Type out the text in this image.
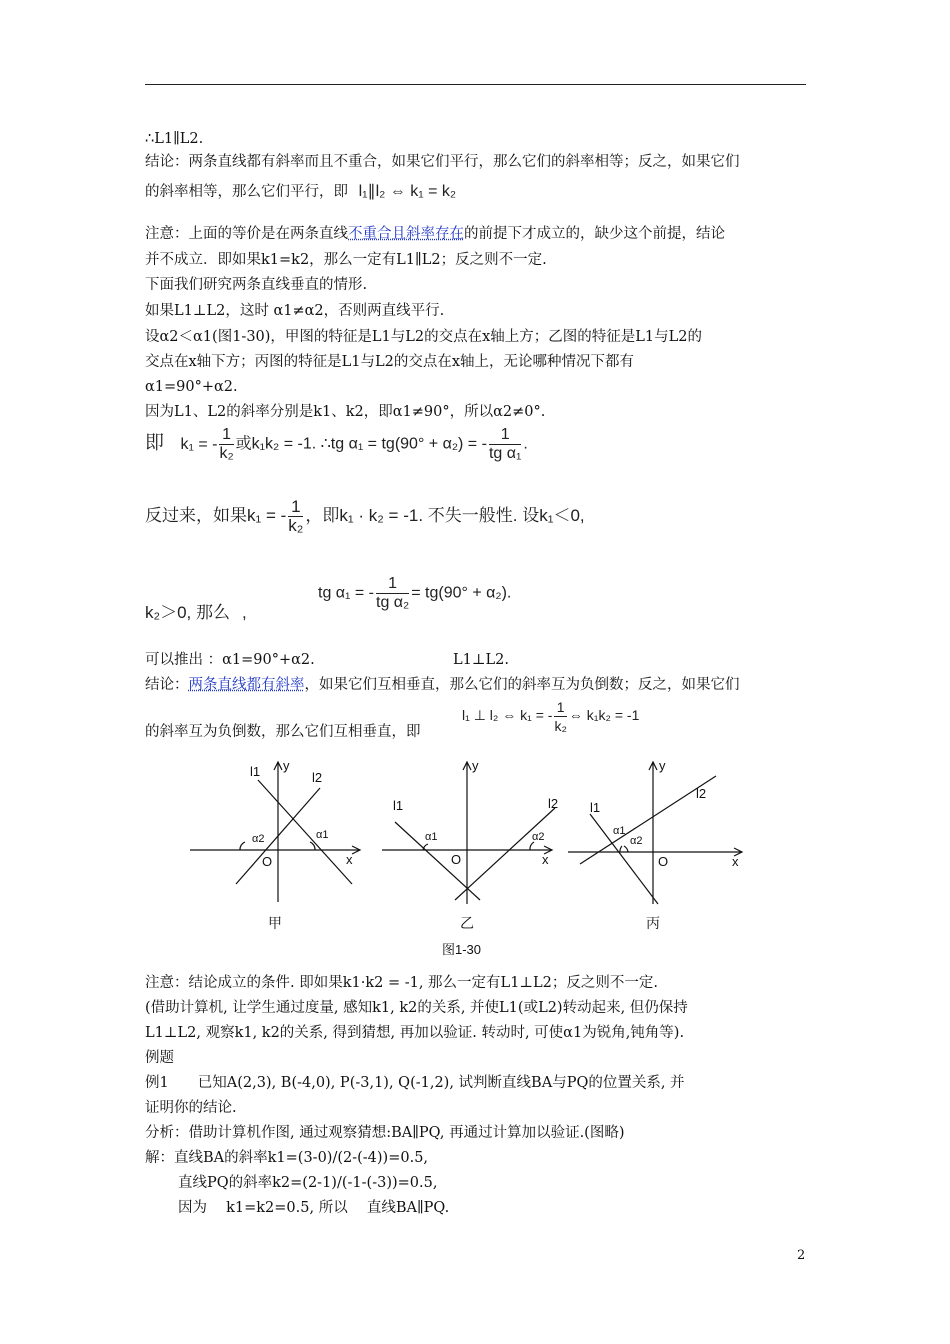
∴L1∥L2.
结论：两条直线都有斜率而且不重合，如果它们平行，那么它们的斜率相等；反之，如果它们
的斜率相等，那么它们平行，即 l₁∥l₂ ⇔ k₁ = k₂
注意：上面的等价是在两条直线不重合且斜率存在的前提下才成立的，缺少这个前提，结论
并不成立．即如果k1=k2，那么一定有L1∥L2；反之则不一定.
下面我们研究两条直线垂直的情形.
如果L1⊥L2，这时 α1≠α2，否则两直线平行.
设α2＜α1(图1-30)，甲图的特征是L1与L2的交点在x轴上方；乙图的特征是L1与L2的
交点在x轴下方；丙图的特征是L1与L2的交点在x轴上，无论哪种情况下都有
α1=90°+α2.
因为L1、L2的斜率分别是k1、k2，即α1≠90°，所以α2≠0°.
即 k₁ = - $\frac{1}{\text{k₂}}$ 或k₁k₂ = -1. ∴tg α₁ = tg(90° + α₂) = - $\frac{1}{\text{tg α₁}}$ .
反过来，如果k₁ = - $\frac{1}{\text{k₂}}$ ，即k₁ · k₂ = -1. 不失一般性. 设k₁＜0,
k₂＞0, 那么 ,
tg α₁ = - $\frac{1}{\text{tg α₂}} = tg(90^\circ + \alpha_2)$.
可以推出 ：α1=90°+α2.	L1⊥L2.
结论：两条直线都有斜率，如果它们互相垂直，那么它们的斜率互为负倒数；反之，如果它们
的斜率互为负倒数，那么它们互相垂直，即
l₁ ⊥ l₂ ⇔ k₁ = - $\frac{1}{\text{k₂}}$ ⇔ k₁k₂ = -1
l1	l2
y
x
O
α2	α1
甲
l1	l2
y
x
O
α1	α2
乙
l1
l2
y
x
O
α1
α2
丙
图1-30
注意：结论成立的条件. 即如果k1·k2 = -1, 那么一定有L1⊥L2；反之则不一定.
(借助计算机, 让学生通过度量, 感知k1, k2的关系, 并使L1(或L2)转动起来, 但仍保持
L1⊥L2, 观察k1, k2的关系, 得到猜想, 再加以验证. 转动时, 可使α1为锐角,钝角等).
例题
例1　　已知A(2,3), B(-4,0), P(-3,1), Q(-1,2), 试判断直线BA与PQ的位置关系, 并
证明你的结论.
分析：借助计算机作图, 通过观察猜想:BA∥PQ, 再通过计算加以验证.(图略)
解：直线BA的斜率k1=(3-0)/(2-(-4))=0.5,
直线PQ的斜率k2=(2-1)/(-1-(-3))=0.5,
因为　 k1=k2=0.5, 所以　 直线BA∥PQ.
2
